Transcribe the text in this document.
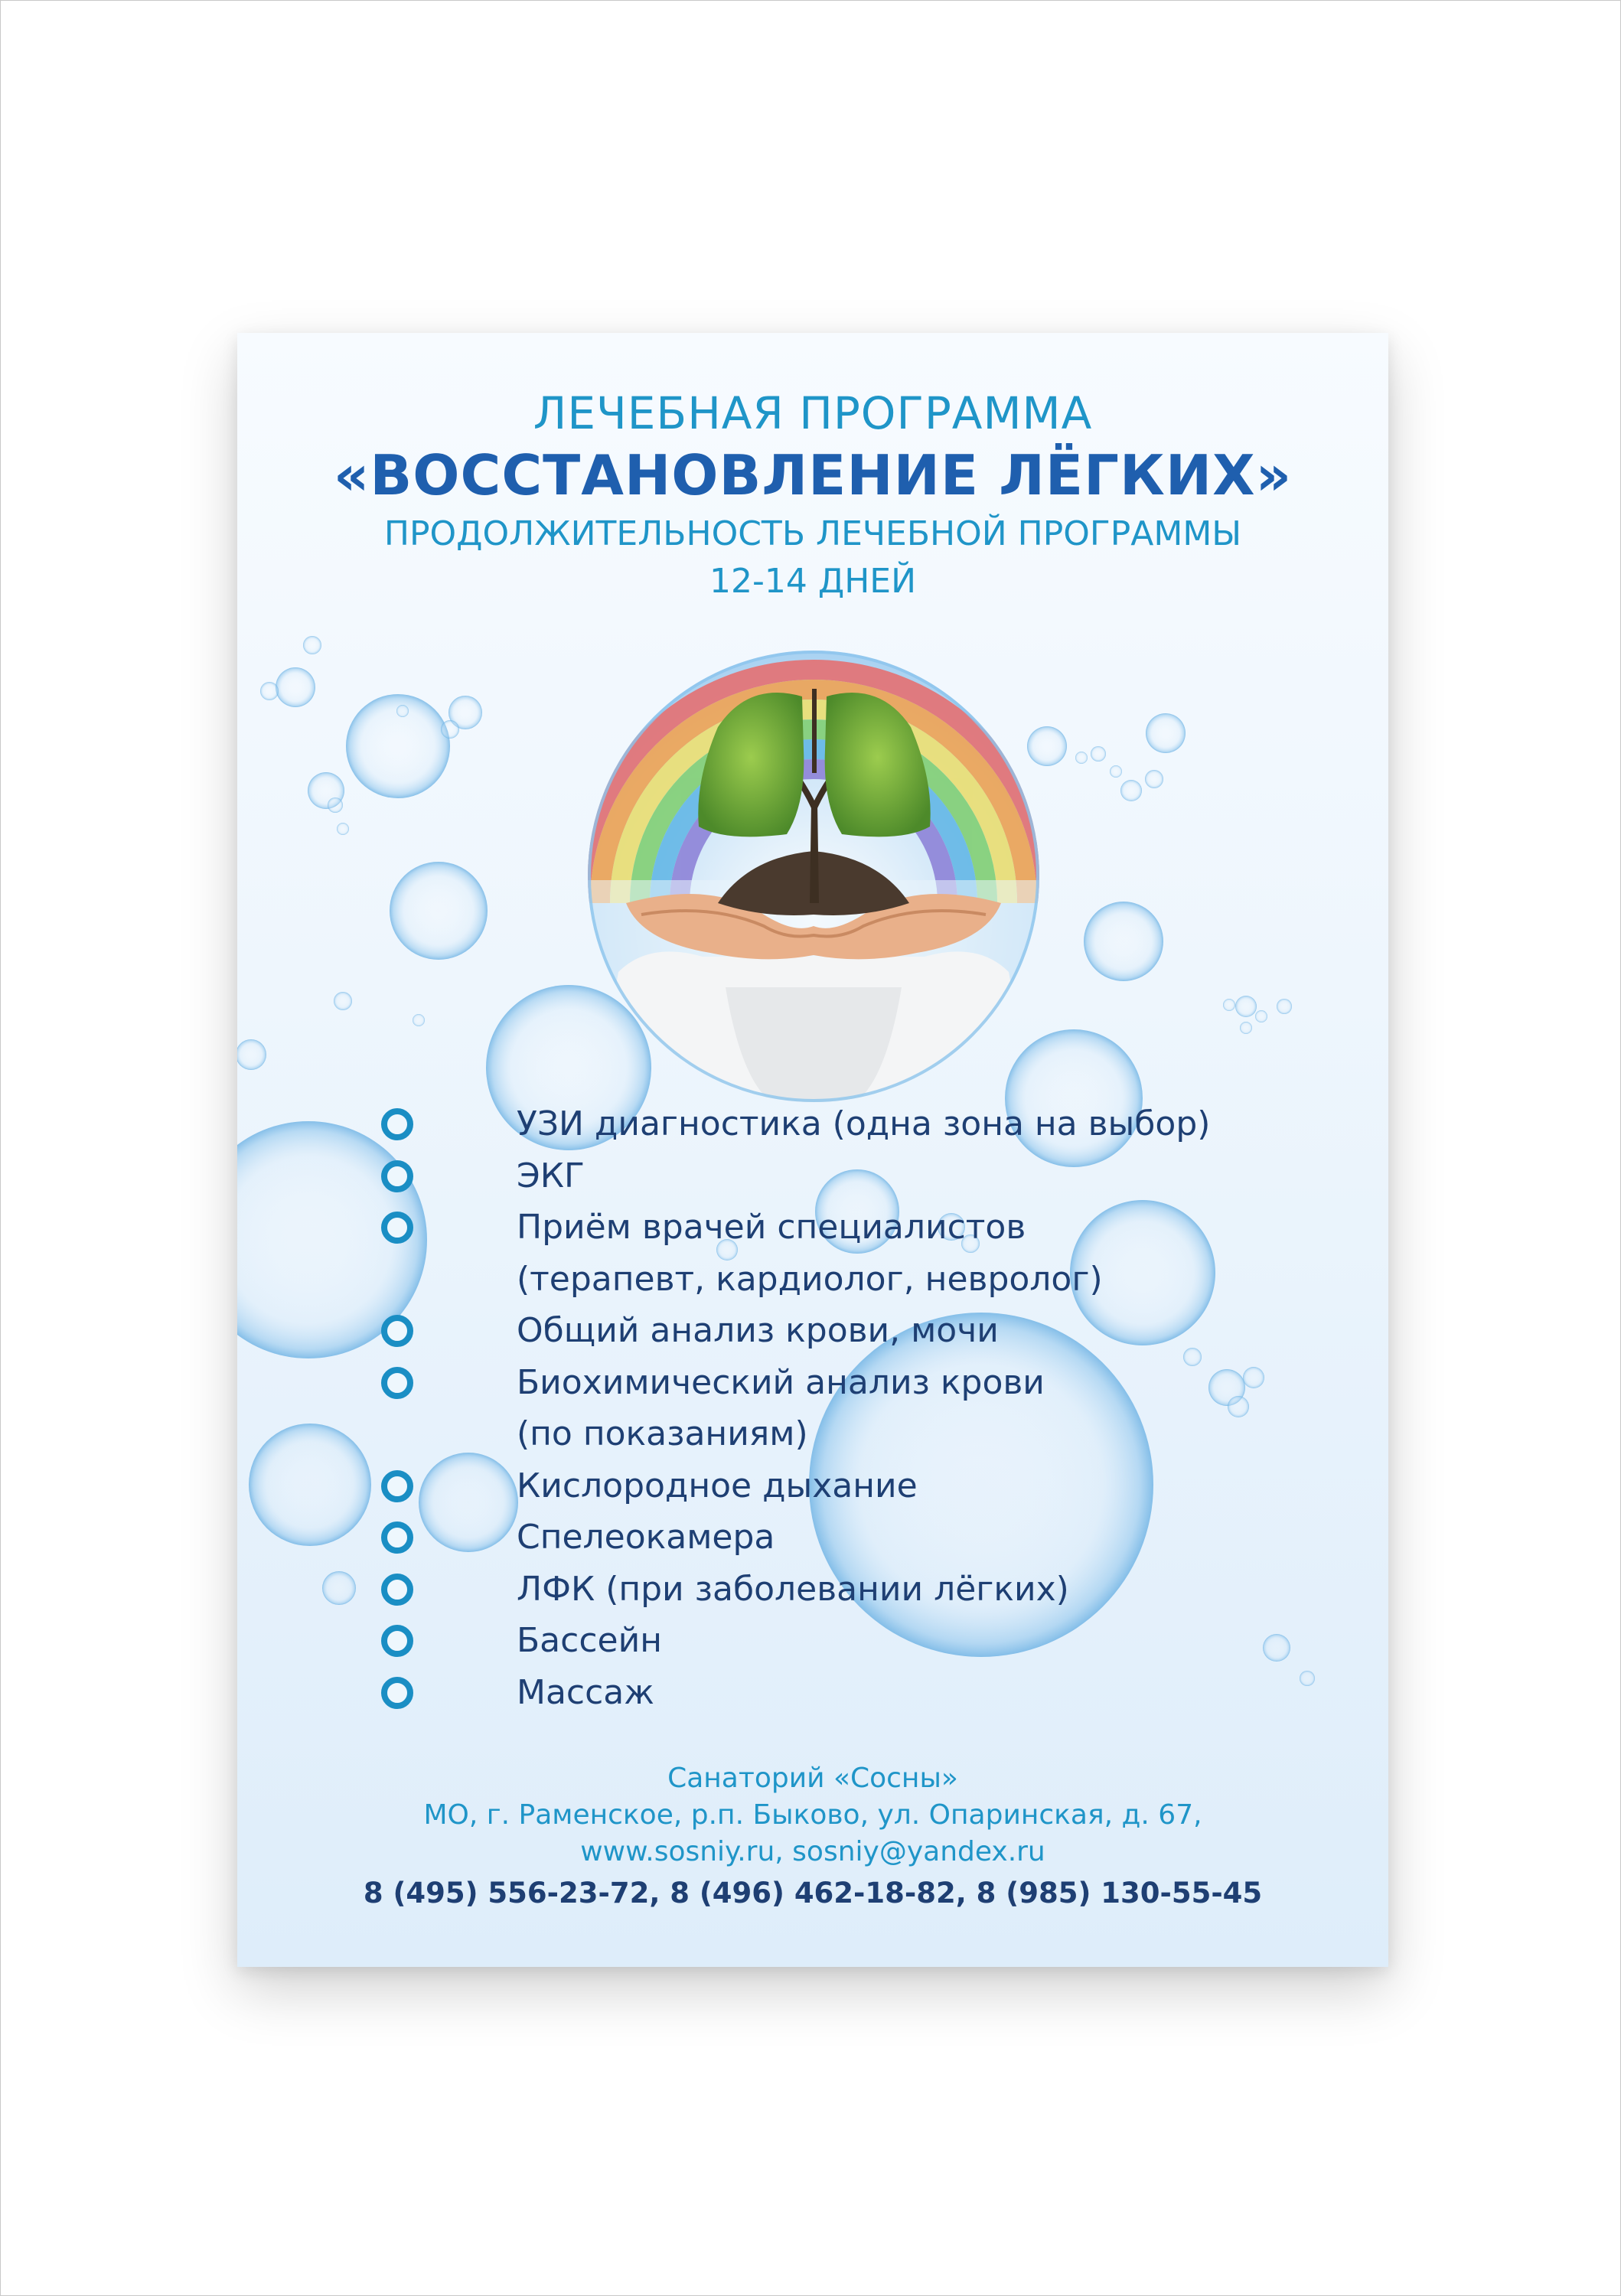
ЛЕЧЕБНАЯ ПРОГРАММА
«ВОССТАНОВЛЕНИЕ ЛЁГКИХ»
ПРОДОЛЖИТЕЛЬНОСТЬ ЛЕЧЕБНОЙ ПРОГРАММЫ
12-14 ДНЕЙ
УЗИ диагностика (одна зона на выбор)
ЭКГ
Приём врачей специалистов
(терапевт, кардиолог, невролог)
Общий анализ крови, мочи
Биохимический анализ крови
(по показаниям)
Кислородное дыхание
Спелеокамера
ЛФК (при заболевании лёгких)
Бассейн
Массаж
Санаторий «Сосны»
МО, г. Раменское, р.п. Быково, ул. Опаринская, д. 67,
www.sosniy.ru, sosniy@yandex.ru
8 (495) 556-23-72, 8 (496) 462-18-82, 8 (985) 130-55-45
